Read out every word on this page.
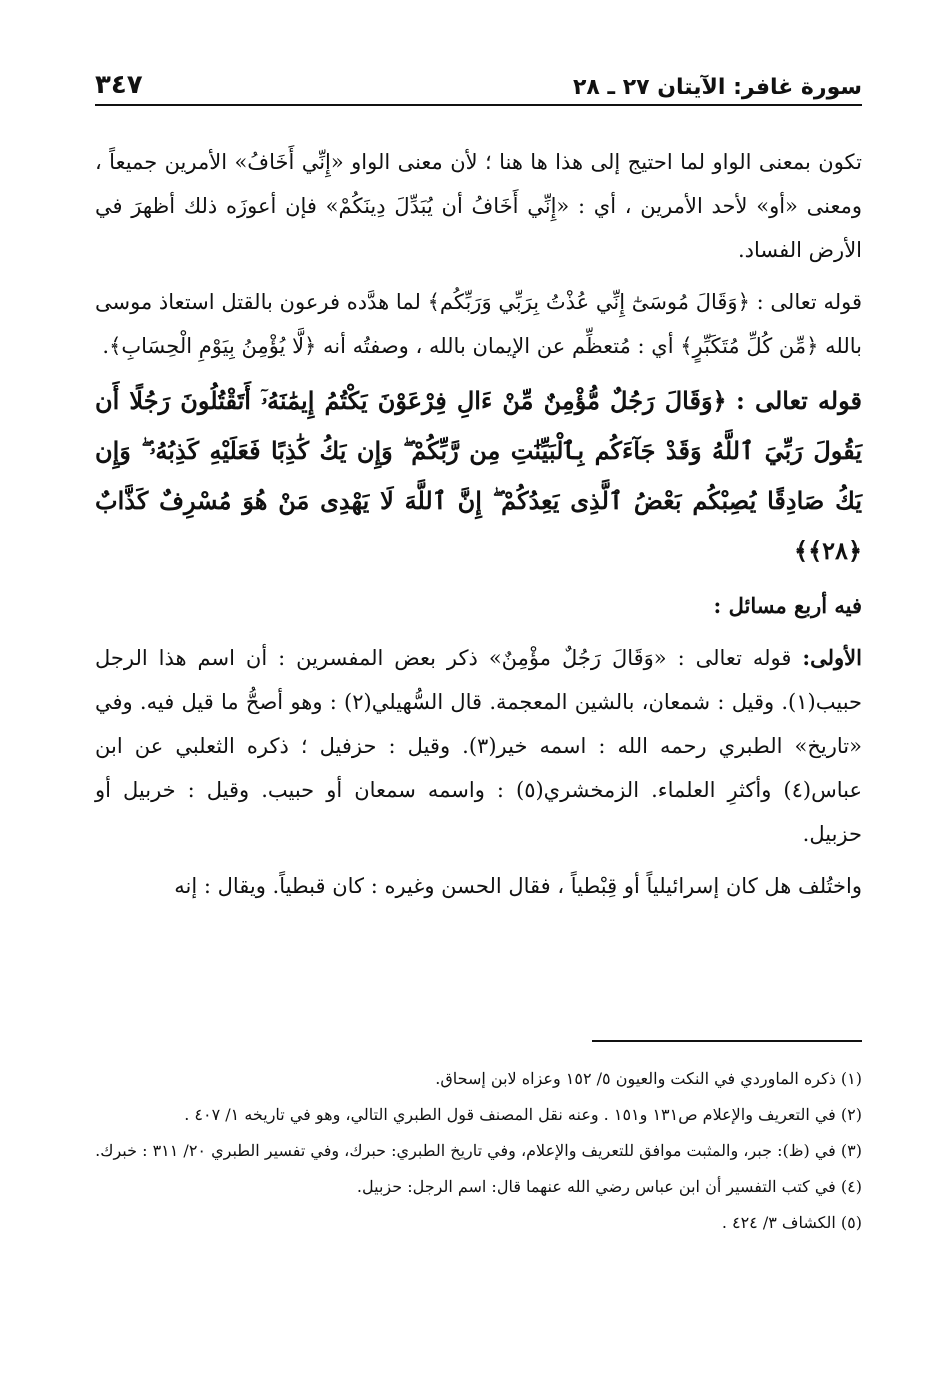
سورة غافر: الآيتان ٢٧ ـ ٢٨
٣٤٧

تكون بمعنى الواو لما احتيج إلى هذا ها هنا ؛ لأن معنى الواو «إِنِّي أَخَافُ» الأمرين جميعاً ، ومعنى «أو» لأحد الأمرين ، أي : «إِنِّي أَخَافُ أن يُبَدِّلَ دِينَكُمْ» فإن أعوزَه ذلك أظهرَ في الأرض الفساد.

قوله تعالى : ﴿وَقَالَ مُوسَىٰٓ إِنِّي عُذْتُ بِرَبِّي وَرَبِّكُم﴾ لما هدَّده فرعون بالقتل استعاذ موسى بالله ﴿مِّن كُلِّ مُتَكَبِّرٍ﴾ أي : مُتعظِّم عن الإيمان بالله ، وصفتُه أنه ﴿لَّا يُؤْمِنُ بِيَوْمِ الْحِسَابِ﴾.

قوله تعالى : ﴿وَقَالَ رَجُلٌ مُّؤْمِنٌ مِّنْ ءَالِ فِرْعَوْنَ يَكْتُمُ إِيمَٰنَهُۥٓ أَتَقْتُلُونَ رَجُلًا أَن يَقُولَ رَبِّيَ ٱللَّهُ وَقَدْ جَآءَكُم بِٱلْبَيِّنَٰتِ مِن رَّبِّكُمْ ۖ وَإِن يَكُ كَٰذِبًا فَعَلَيْهِ كَذِبُهُۥ ۖ وَإِن يَكُ صَادِقًا يُصِبْكُم بَعْضُ ٱلَّذِى يَعِدُكُمْ ۖ إِنَّ ٱللَّهَ لَا يَهْدِى مَنْ هُوَ مُسْرِفٌ كَذَّابٌ ﴿٢٨﴾﴾

فيه أربع مسائل :

الأولى: قوله تعالى : «وَقَالَ رَجُلٌ مؤْمِنٌ» ذكر بعض المفسرين : أن اسم هذا الرجل حبيب(١). وقيل : شمعان، بالشين المعجمة. قال السُّهيلي(٢) : وهو أصحُّ ما قيل فيه. وفي «تاريخ» الطبري رحمه الله : اسمه خير(٣). وقيل : حزفيل ؛ ذكره الثعلبي عن ابن عباس(٤) وأكثرِ العلماء. الزمخشري(٥) : واسمه سمعان أو حبيب. وقيل : خربيل أو حزبيل.

واختُلف هل كان إسرائيلياً أو قِبْطياً ، فقال الحسن وغيره : كان قبطياً. ويقال : إنه

(١) ذكره الماوردي في النكت والعيون ٥/ ١٥٢ وعزاه لابن إسحاق.

(٢) في التعريف والإعلام ص١٣١ و١٥١ . وعنه نقل المصنف قول الطبري التالي، وهو في تاريخه ١/ ٤٠٧ .

(٣) في (ظ): جبر، والمثبت موافق للتعريف والإعلام، وفي تاريخ الطبري: حبرك، وفي تفسير الطبري ٢٠/ ٣١١ : خبرك.

(٤) في كتب التفسير أن ابن عباس رضي الله عنهما قال: اسم الرجل: حزبيل.

(٥) الكشاف ٣/ ٤٢٤ .
